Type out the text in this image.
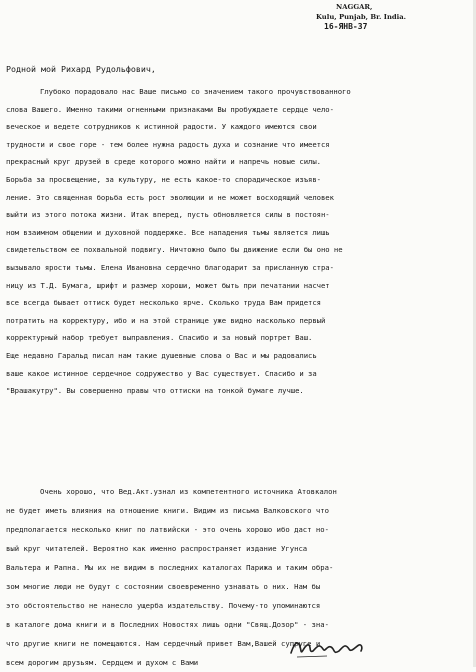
NAGGAR,
Kulu, Punjab, Br. India.
16-ЯНВ-37
Родной мой Рихард Рудольфович,
Глубоко порадовало нас Ваше письмо со значением такого прочувствованного
слова Вашего. Именно такими огненными признаками Вы пробуждаете сердце чело-
веческое и ведете сотрудников к истинной радости. У каждого имеются свои
трудности и свое горе - тем более нужна радость духа и сознание что имеется
прекрасный круг друзей в среде которого можно найти и напречь новые силы.
Борьба за просвещение, за культуру, не есть какое-то спорадическое изъяв-
ление. Это священная борьба есть рост эволюции и не может восходящий человек
выйти из этого потока жизни. Итак вперед, пусть обновляется силы в постоян-
ном взаимном общении и духовной поддержке. Все нападения тьмы является лишь
свидетельством ее похвальной подвигу. Ничтожно было бы движение если бы оно не
вызывало ярости тьмы. Елена Ивановна сердечно благодарит за присланную стра-
ницу из Т.Д. Бумага, шрифт и размер хороши, может быть при печатании насчет
все всегда бывает оттиск будет несколько ярче. Сколько труда Вам придется
потратить на корректуру, ибо и на этой странице уже видно насколько первый
корректурный набор требует выправления. Спасибо и за новый портрет Ваш.
Еще недавно Гаральд писал нам такие душевные слова о Вас и мы радовались
ваше какое истинное сердечное содружество у Вас существует. Спасибо и за
"Врашакутру". Вы совершенно правы что оттиски на тонкой бумаге лучше.
Очень хорошо, что Вед.Акт.узнал из компетентного источника Атовкалон
не будет иметь влияния на отношение книги. Видим из письма Валковского что
предполагается несколько книг по латвийски - это очень хорошо ибо даст но-
вый круг читателей. Вероятно как именно распространяет издание Угунса
Вальтера и Рапна. Мы их не видим в последних каталогах Парижа и таким обра-
зом многие люди не будут с состоянии своевременно узнавать о них. Нам бы
это обстоятельство не нанесло ущерба издательству. Почему-то упоминаются
в каталоге дома книги и в Последних Новостях лишь одни "Свящ.Дозор" - зна-
что другие книги не помещаются. Нам сердечный привет Вам,Вашей супруге и
всем дорогим друзьям. Сердцем и духом с Вами
